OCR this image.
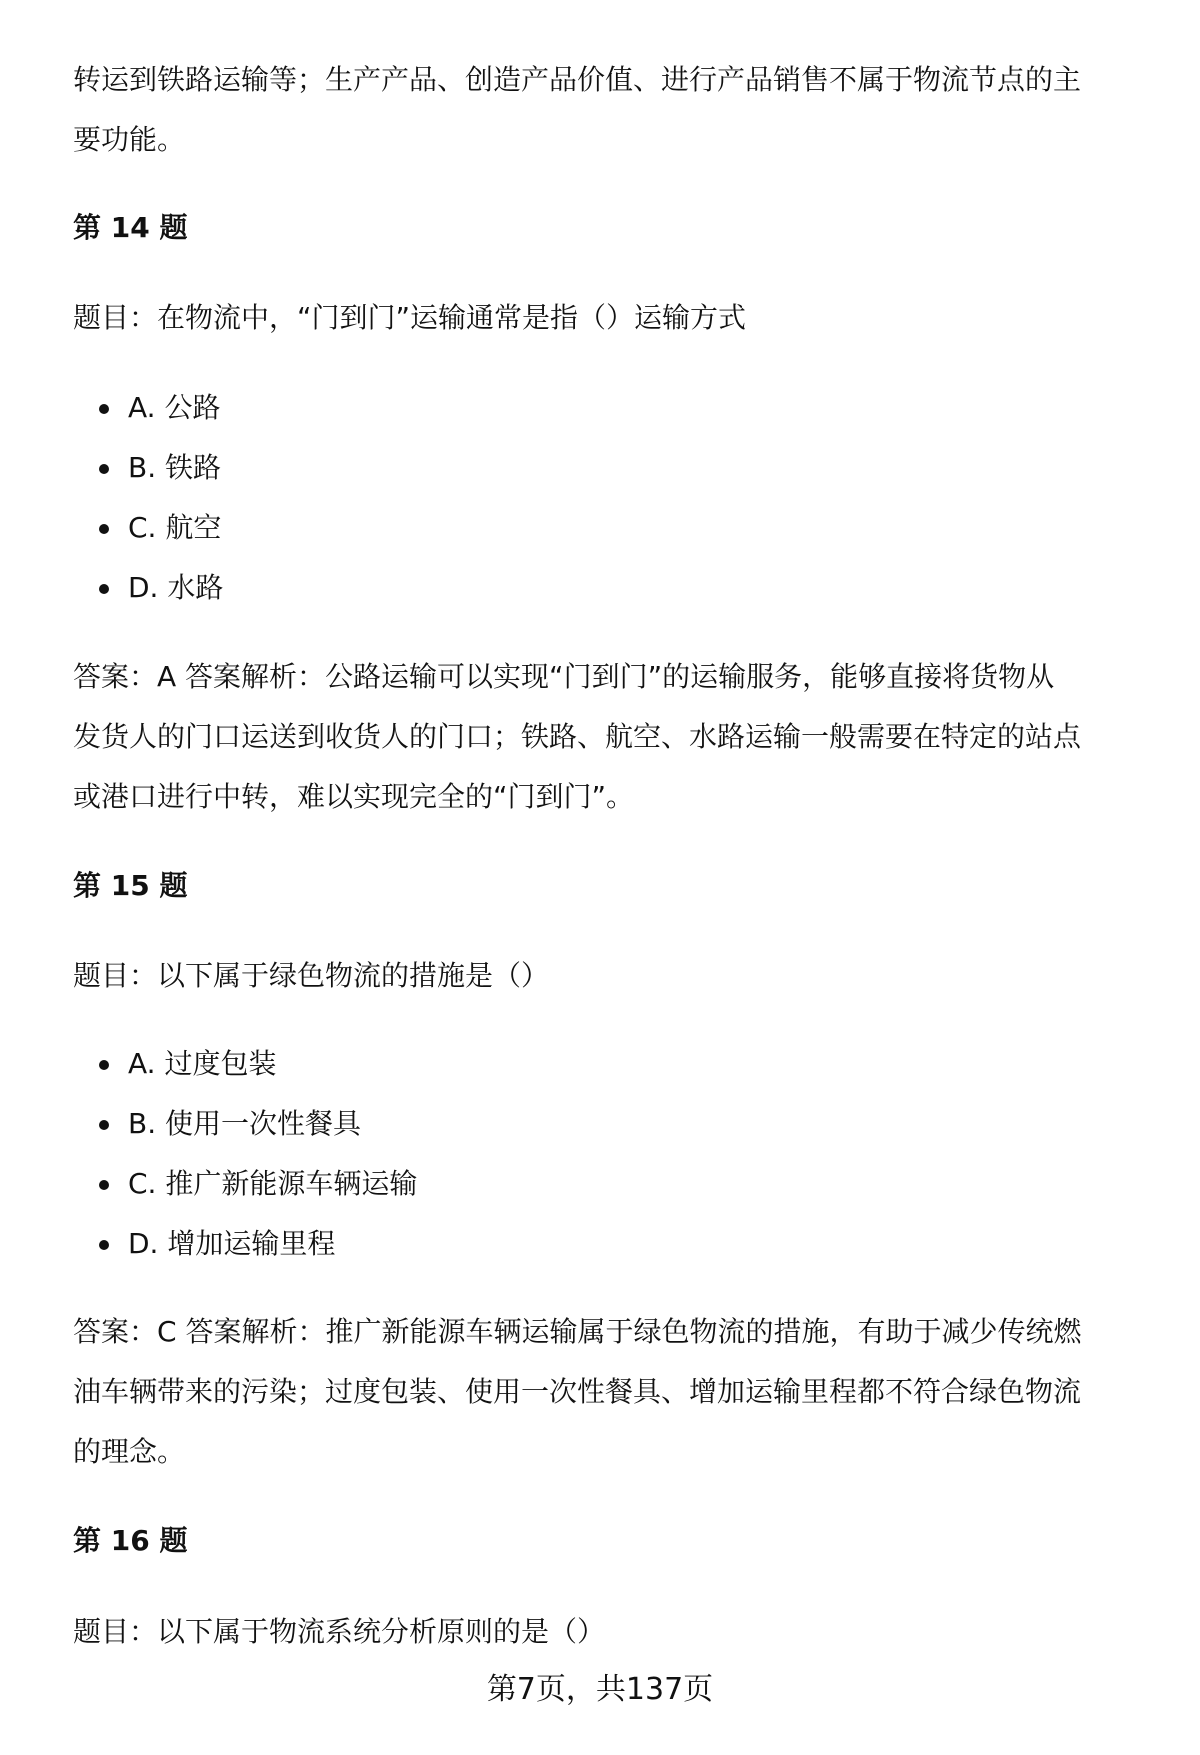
转运到铁路运输等；生产产品、创造产品价值、进行产品销售不属于物流节点的主
要功能。
第 14 题
题目：在物流中，“门到门”运输通常是指（）运输方式
A. 公路
B. 铁路
C. 航空
D. 水路
答案：A 答案解析：公路运输可以实现“门到门”的运输服务，能够直接将货物从
发货人的门口运送到收货人的门口；铁路、航空、水路运输一般需要在特定的站点
或港口进行中转，难以实现完全的“门到门”。
第 15 题
题目：以下属于绿色物流的措施是（）
A. 过度包装
B. 使用一次性餐具
C. 推广新能源车辆运输
D. 增加运输里程
答案：C 答案解析：推广新能源车辆运输属于绿色物流的措施，有助于减少传统燃
油车辆带来的污染；过度包装、使用一次性餐具、增加运输里程都不符合绿色物流
的理念。
第 16 题
题目：以下属于物流系统分析原则的是（）
第7页，共137页
